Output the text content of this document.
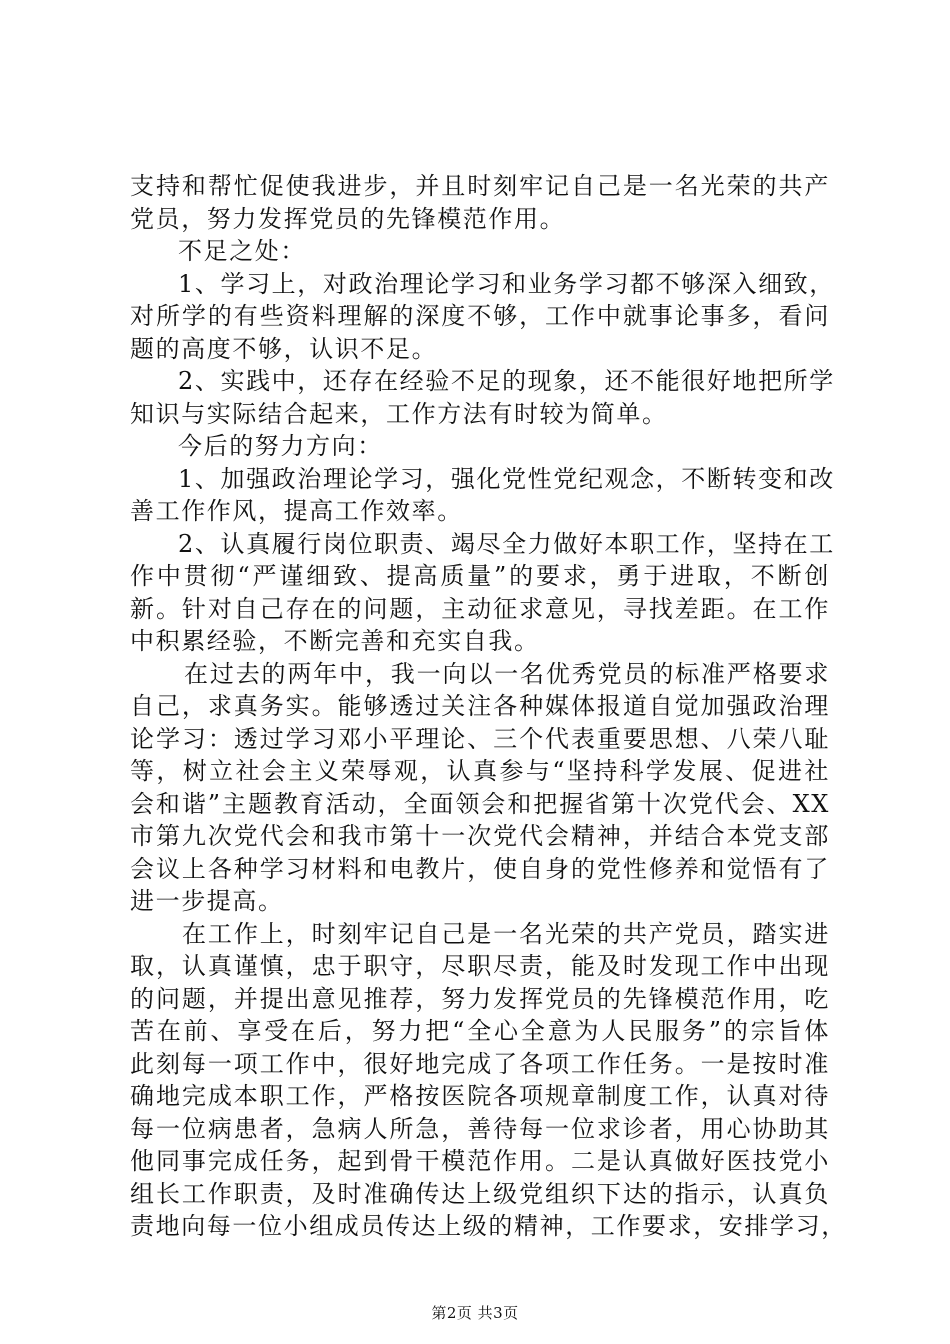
支持和帮忙促使我进步，并且时刻牢记自己是一名光荣的共产
党员，努力发挥党员的先锋模范作用。
不足之处：
1、学习上，对政治理论学习和业务学习都不够深入细致，
对所学的有些资料理解的深度不够，工作中就事论事多，看问
题的高度不够，认识不足。
2、实践中，还存在经验不足的现象，还不能很好地把所学
知识与实际结合起来，工作方法有时较为简单。
今后的努力方向：
1、加强政治理论学习，强化党性党纪观念，不断转变和改
善工作作风，提高工作效率。
2、认真履行岗位职责、竭尽全力做好本职工作，坚持在工
作中贯彻“严谨细致、提高质量”的要求，勇于进取，不断创
新。针对自己存在的问题，主动征求意见，寻找差距。在工作
中积累经验，不断完善和充实自我。
在过去的两年中，我一向以一名优秀党员的标准严格要求
自己，求真务实。能够透过关注各种媒体报道自觉加强政治理
论学习：透过学习邓小平理论、三个代表重要思想、八荣八耻
等，树立社会主义荣辱观，认真参与“坚持科学发展、促进社
会和谐”主题教育活动，全面领会和把握省第十次党代会、XX
市第九次党代会和我市第十一次党代会精神，并结合本党支部
会议上各种学习材料和电教片，使自身的党性修养和觉悟有了
进一步提高。
在工作上，时刻牢记自己是一名光荣的共产党员，踏实进
取，认真谨慎，忠于职守，尽职尽责，能及时发现工作中出现
的问题，并提出意见推荐，努力发挥党员的先锋模范作用，吃
苦在前、享受在后，努力把“全心全意为人民服务”的宗旨体
此刻每一项工作中，很好地完成了各项工作任务。一是按时准
确地完成本职工作，严格按医院各项规章制度工作，认真对待
每一位病患者，急病人所急，善待每一位求诊者，用心协助其
他同事完成任务，起到骨干模范作用。二是认真做好医技党小
组长工作职责，及时准确传达上级党组织下达的指示，认真负
责地向每一位小组成员传达上级的精神，工作要求，安排学习，
第2页 共3页
